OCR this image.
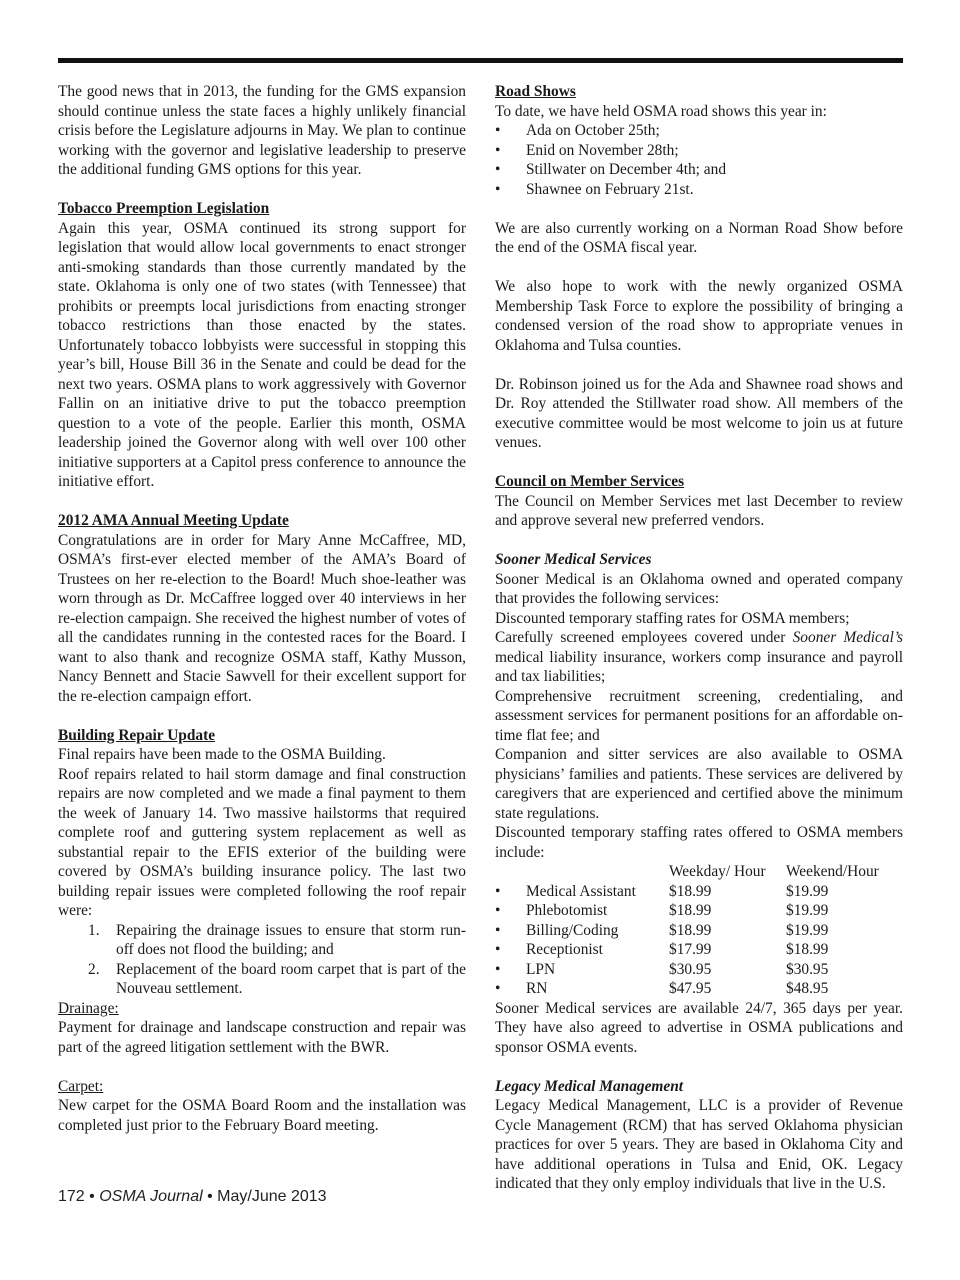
The good news that in 2013, the funding for the GMS expansion should continue unless the state faces a highly unlikely financial crisis before the Legislature adjourns in May. We plan to continue working with the governor and legislative leadership to preserve the additional funding GMS options for this year.

Tobacco Preemption Legislation

Again this year, OSMA continued its strong support for legislation that would allow local governments to enact stronger anti-smoking standards than those currently mandated by the state. Oklahoma is only one of two states (with Tennessee) that prohibits or preempts local jurisdictions from enacting stronger tobacco restrictions than those enacted by the states. Unfortunately tobacco lobbyists were successful in stopping this year’s bill, House Bill 36 in the Senate and could be dead for the next two years. OSMA plans to work aggressively with Governor Fallin on an initiative drive to put the tobacco preemption question to a vote of the people. Earlier this month, OSMA leadership joined the Governor along with well over 100 other initiative supporters at a Capitol press conference to announce the initiative effort.

2012 AMA Annual Meeting Update

Congratulations are in order for Mary Anne McCaffree, MD, OSMA’s first-ever elected member of the AMA’s Board of Trustees on her re-election to the Board! Much shoe-leather was worn through as Dr. McCaffree logged over 40 interviews in her re-election campaign. She received the highest number of votes of all the candidates running in the contested races for the Board. I want to also thank and recognize OSMA staff, Kathy Musson, Nancy Bennett and Stacie Sawvell for their excellent support for the re-election campaign effort.

Building Repair Update

Final repairs have been made to the OSMA Building.

Roof repairs related to hail storm damage and final construction repairs are now completed and we made a final payment to them the week of January 14. Two massive hailstorms that required complete roof and guttering system replacement as well as substantial repair to the EFIS exterior of the building were covered by OSMA’s building insurance policy. The last two building repair issues were completed following the roof repair were:

1.	Repairing the drainage issues to ensure that storm run-off does not flood the building; and
2.	Replacement of the board room carpet that is part of the Nouveau settlement.
Drainage:

Payment for drainage and landscape construction and repair was part of the agreed litigation settlement with the BWR.

Carpet:

New carpet for the OSMA Board Room and the installation was completed just prior to the February Board meeting.

Road Shows

To date, we have held OSMA road shows this year in:

•	Ada on October 25th;
•	Enid on November 28th;
•	Stillwater on December 4th; and
•	Shawnee on February 21st.

We are also currently working on a Norman Road Show before the end of the OSMA fiscal year.

We also hope to work with the newly organized OSMA Membership Task Force to explore the possibility of bringing a condensed version of the road show to appropriate venues in Oklahoma and Tulsa counties.

Dr. Robinson joined us for the Ada and Shawnee road shows and Dr. Roy attended the Stillwater road show. All members of the executive committee would be most welcome to join us at future venues.

Council on Member Services

The Council on Member Services met last December to review and approve several new preferred vendors.

Sooner Medical Services

Sooner Medical is an Oklahoma owned and operated company that provides the following services:

Discounted temporary staffing rates for OSMA members;

Carefully screened employees covered under Sooner Medical’s medical liability insurance, workers comp insurance and payroll and tax liabilities;

Comprehensive recruitment screening, credentialing, and assessment services for permanent positions for an affordable on-time flat fee; and

Companion and sitter services are also available to OSMA physicians’ families and patients. These services are delivered by caregivers that are experienced and certified above the minimum state regulations.

Discounted temporary staffing rates offered to OSMA members include:

		Weekday/ Hour	Weekend/Hour
•	Medical Assistant	$18.99	$19.99
•	Phlebotomist	$18.99	$19.99
•	Billing/Coding	$18.99	$19.99
•	Receptionist	$17.99	$18.99
•	LPN	$30.95	$30.95
•	RN	$47.95	$48.95

Sooner Medical services are available 24/7, 365 days per year. They have also agreed to advertise in OSMA publications and sponsor OSMA events.

Legacy Medical Management

Legacy Medical Management, LLC is a provider of Revenue Cycle Management (RCM) that has served Oklahoma physician practices for over 5 years. They are based in Oklahoma City and have additional operations in Tulsa and Enid, OK. Legacy indicated that they only employ individuals that live in the U.S.

172 • OSMA Journal • May/June 2013
